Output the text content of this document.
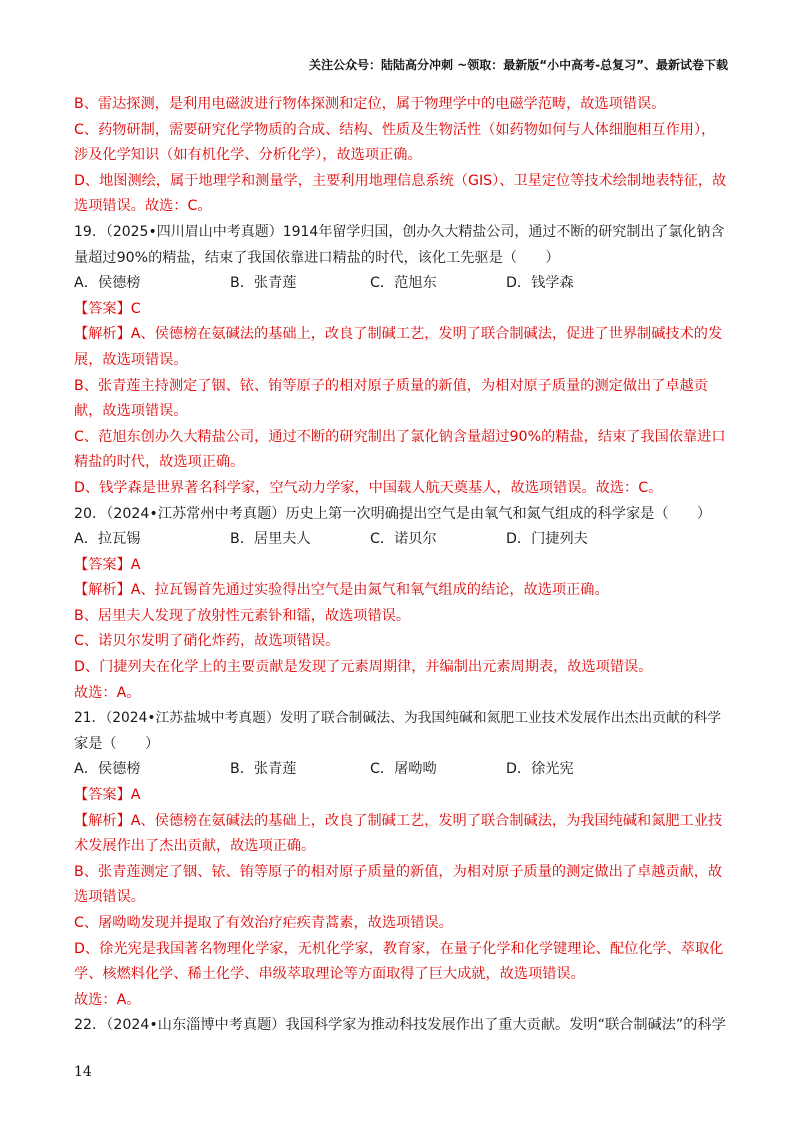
关注公众号：陆陆高分冲刺 ~领取：最新版“小中高考-总复习”、最新试卷下载

B、雷达探测，是利用电磁波进行物体探测和定位，属于物理学中的电磁学范畴，故选项错误。

C、药物研制，需要研究化学物质的合成、结构、性质及生物活性（如药物如何与人体细胞相互作用），

涉及化学知识（如有机化学、分析化学），故选项正确。

D、地图测绘，属于地理学和测量学，主要利用地理信息系统（GIS）、卫星定位等技术绘制地表特征，故

选项错误。故选：C。

19．（2025•四川眉山中考真题）1914年留学归国，创办久大精盐公司，通过不断的研究制出了氯化钠含

量超过90%的精盐，结束了我国依靠进口精盐的时代，该化工先驱是（　　）

A．侯德榜	B．张青莲	C．范旭东	D．钱学森

【答案】C

【解析】A、侯德榜在氨碱法的基础上，改良了制碱工艺，发明了联合制碱法，促进了世界制碱技术的发

展，故选项错误。

B、张青莲主持测定了铟、铱、铕等原子的相对原子质量的新值，为相对原子质量的测定做出了卓越贡

献，故选项错误。

C、范旭东创办久大精盐公司，通过不断的研究制出了氯化钠含量超过90%的精盐，结束了我国依靠进口

精盐的时代，故选项正确。

D、钱学森是世界著名科学家，空气动力学家，中国载人航天奠基人，故选项错误。故选：C。

20．（2024•江苏常州中考真题）历史上第一次明确提出空气是由氧气和氮气组成的科学家是（　　）

A．拉瓦锡	B．居里夫人	C．诺贝尔	D．门捷列夫

【答案】A

【解析】A、拉瓦锡首先通过实验得出空气是由氮气和氧气组成的结论，故选项正确。

B、居里夫人发现了放射性元素钋和镭，故选项错误。

C、诺贝尔发明了硝化炸药，故选项错误。

D、门捷列夫在化学上的主要贡献是发现了元素周期律，并编制出元素周期表，故选项错误。

故选：A。

21．（2024•江苏盐城中考真题）发明了联合制碱法、为我国纯碱和氮肥工业技术发展作出杰出贡献的科学

家是（　　）

A．侯德榜	B．张青莲	C．屠呦呦	D．徐光宪

【答案】A

【解析】A、侯德榜在氨碱法的基础上，改良了制碱工艺，发明了联合制碱法，为我国纯碱和氮肥工业技

术发展作出了杰出贡献，故选项正确。

B、张青莲测定了铟、铱、铕等原子的相对原子质量的新值，为相对原子质量的测定做出了卓越贡献，故

选项错误。

C、屠呦呦发现并提取了有效治疗疟疾青蒿素，故选项错误。

D、徐光宪是我国著名物理化学家，无机化学家，教育家，在量子化学和化学键理论、配位化学、萃取化

学、核燃料化学、稀土化学、串级萃取理论等方面取得了巨大成就，故选项错误。

故选：A。

22．（2024•山东淄博中考真题）我国科学家为推动科技发展作出了重大贡献。发明“联合制碱法”的科学

14
